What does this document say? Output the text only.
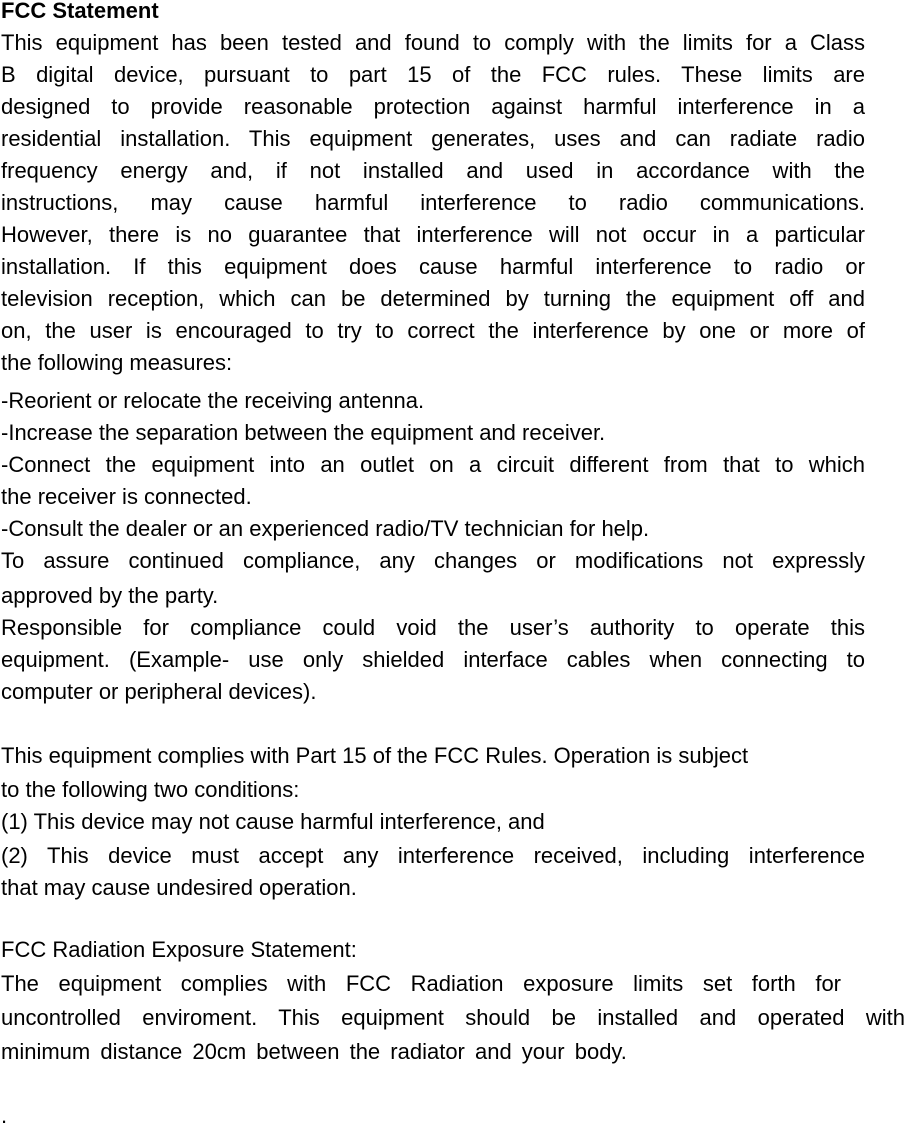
FCC Statement
This equipment has been tested and found to comply with the limits for a Class
B digital device, pursuant to part 15 of the FCC rules. These limits are
designed to provide reasonable protection against harmful interference in a
residential installation. This equipment generates, uses and can radiate radio
frequency energy and, if not installed and used in accordance with the
instructions, may cause harmful interference to radio communications.
However, there is no guarantee that interference will not occur in a particular
installation. If this equipment does cause harmful interference to radio or
television reception, which can be determined by turning the equipment off and
on, the user is encouraged to try to correct the interference by one or more of
the following measures:
-Reorient or relocate the receiving antenna.
-Increase the separation between the equipment and receiver.
-Connect the equipment into an outlet on a circuit different from that to which
the receiver is connected.
-Consult the dealer or an experienced radio/TV technician for help.
To assure continued compliance, any changes or modifications not expressly
approved by the party.
Responsible for compliance could void the user’s authority to operate this
equipment. (Example- use only shielded interface cables when connecting to
computer or peripheral devices).
This equipment complies with Part 15 of the FCC Rules. Operation is subject
to the following two conditions:
(1) This device may not cause harmful interference, and
(2) This device must accept any interference received, including interference
that may cause undesired operation.
FCC Radiation Exposure Statement:
The equipment complies with FCC Radiation exposure limits set forth for
uncontrolled enviroment. This equipment should be installed and operated with
minimum distance 20cm between the radiator and your body.
.
